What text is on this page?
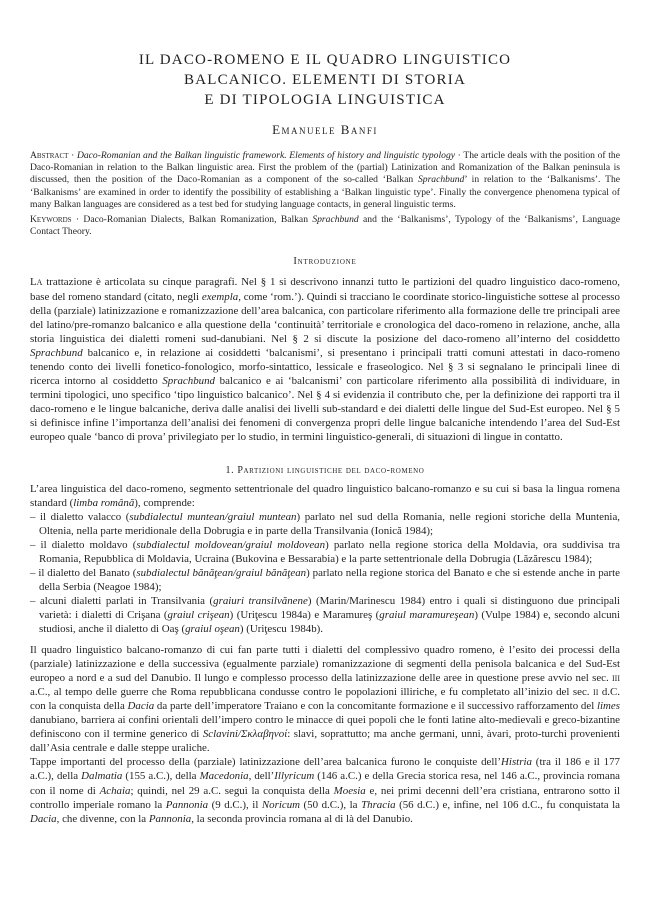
IL DACO-ROMENO E IL QUADRO LINGUISTICO
BALCANICO. ELEMENTI DI STORIA
E DI TIPOLOGIA LINGUISTICA
Emanuele Banfi

Abstract · Daco-Romanian and the Balkan linguistic framework. Elements of history and linguistic typology · The article deals with the position of the Daco-Romanian in relation to the Balkan linguistic area. First the problem of the (partial) Latinization and Romanization of the Balkan peninsula is discussed, then the position of the Daco-Romanian as a component of the so-called ‘Balkan Sprachbund’ in relation to the ‘Balkanisms’. The ‘Balkanisms’ are examined in order to identify the possibility of establishing a ‘Balkan linguistic type’. Finally the convergence phenomena typical of many Balkan languages are considered as a test bed for studying language contacts, in general linguistic terms.

Keywords · Daco-Romanian Dialects, Balkan Romanization, Balkan Sprachbund and the ‘Balkanisms’, Typology of the ‘Balkanisms’, Language Contact Theory.

Introduzione

La trattazione è articolata su cinque paragrafi. Nel § 1 si descrivono innanzi tutto le partizioni del quadro linguistico daco-romeno, base del romeno standard (citato, negli exempla, come ‘rom.’). Quindi si tracciano le coordinate storico-linguistiche sottese al processo della (parziale) latinizzazione e romanizzazione dell’area balcanica, con particolare riferimento alla formazione delle tre principali aree del latino/pre-romanzo balcanico e alla questione della ‘continuità’ territoriale e cronologica del daco-romeno in relazione, anche, alla storia linguistica dei dialetti romeni sud-danubiani. Nel § 2 si discute la posizione del daco-romeno all’interno del cosiddetto Sprachbund balcanico e, in relazione ai cosiddetti ‘balcanismi’, si presentano i principali tratti comuni attestati in daco-romeno tenendo conto dei livelli fonetico-fonologico, morfo-sintattico, lessicale e fraseologico. Nel § 3 si segnalano le principali linee di ricerca intorno al cosiddetto Sprachbund balcanico e ai ‘balcanismi’ con particolare riferimento alla possibilità di individuare, in termini tipologici, uno specifico ‘tipo linguistico balcanico’. Nel § 4 si evidenzia il contributo che, per la definizione dei rapporti tra il daco-romeno e le lingue balcaniche, deriva dalle analisi dei livelli sub-standard e dei dialetti delle lingue del Sud-Est europeo. Nel § 5 si definisce infine l’importanza dell’analisi dei fenomeni di convergenza propri delle lingue balcaniche intendendo l’area del Sud-Est europeo quale ‘banco di prova’ privilegiato per lo studio, in termini linguistico-generali, di situazioni di lingue in contatto.

1. Partizioni linguistiche del daco-romeno

L’area linguistica del daco-romeno, segmento settentrionale del quadro linguistico balcano-romanzo e su cui si basa la lingua romena standard (limba română), comprende:

– il dialetto valacco (subdialectul muntean/graiul muntean) parlato nel sud della Romania, nelle regioni storiche della Muntenia, Oltenia, nella parte meridionale della Dobrugia e in parte della Transilvania (Ionică 1984);
– il dialetto moldavo (subdialectul moldovean/graiul moldovean) parlato nella regione storica della Moldavia, ora suddivisa tra Romania, Repubblica di Moldavia, Ucraina (Bukovina e Bessarabia) e la parte settentrionale della Dobrugia (Lăzărescu 1984);
– il dialetto del Banato (subdialectul bănăţean/graiul bănăţean) parlato nella regione storica del Banato e che si estende anche in parte della Serbia (Neagoe 1984);
– alcuni dialetti parlati in Transilvania (graiuri transilvănene) (Marin/Marinescu 1984) entro i quali si distinguono due principali varietà: i dialetti di Crişana (graiul crişean) (Uriţescu 1984a) e Maramureş (graiul maramureşean) (Vulpe 1984) e, secondo alcuni studiosi, anche il dialetto di Oaş (graiul oşean) (Uriţescu 1984b).

Il quadro linguistico balcano-romanzo di cui fan parte tutti i dialetti del complessivo quadro romeno, è l’esito dei processi della (parziale) latinizzazione e della successiva (egualmente parziale) romanizzazione di segmenti della penisola balcanica e del Sud-Est europeo a nord e a sud del Danubio. Il lungo e complesso processo della latinizzazione delle aree in questione prese avvio nel sec. iii a.C., al tempo delle guerre che Roma repubblicana condusse contro le popolazioni illiriche, e fu completato all’inizio del sec. ii d.C. con la conquista della Dacia da parte dell’imperatore Traiano e con la concomitante formazione e il successivo rafforzamento del limes danubiano, barriera ai confini orientali dell’impero contro le minacce di quei popoli che le fonti latine alto-medievali e greco-bizantine definiscono con il termine generico di Sclavini/Σκλαβηνοί: slavi, soprattutto; ma anche germani, unni, àvari, proto-turchi provenienti dall’Asia centrale e dalle steppe uraliche.

Tappe importanti del processo della (parziale) latinizzazione dell’area balcanica furono le conquiste dell’Histria (tra il 186 e il 177 a.C.), della Dalmatia (155 a.C.), della Macedonia, dell’Illyricum (146 a.C.) e della Grecia storica resa, nel 146 a.C., provincia romana con il nome di Achaia; quindi, nel 29 a.C. seguì la conquista della Moesia e, nei primi decenni dell’era cristiana, entrarono sotto il controllo imperiale romano la Pannonia (9 d.C.), il Noricum (50 d.C.), la Thracia (56 d.C.) e, infine, nel 106 d.C., fu conquistata la Dacia, che divenne, con la Pannonia, la seconda provincia romana al di là del Danubio.
